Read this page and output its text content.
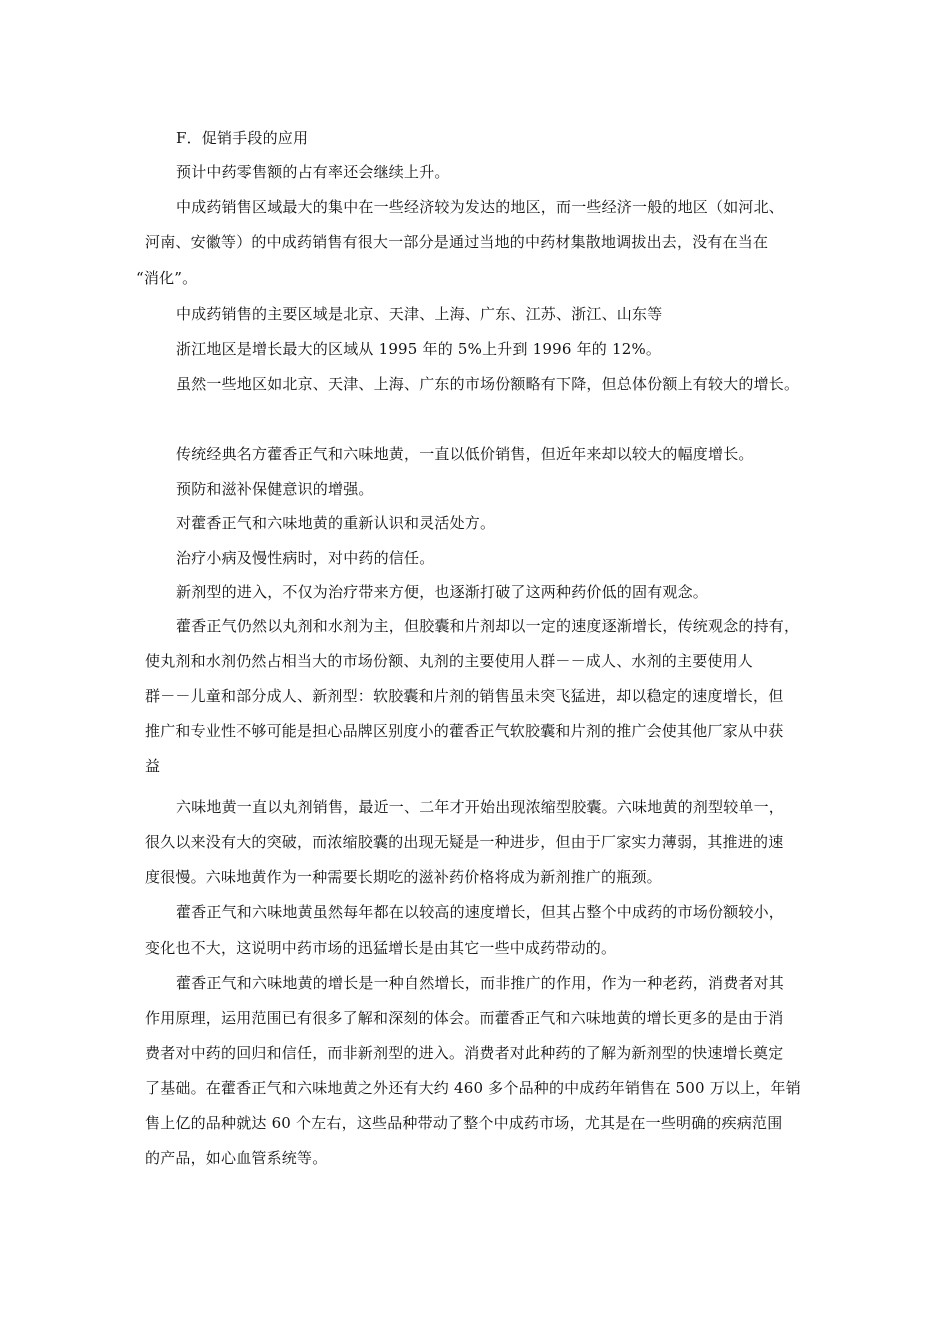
F．促销手段的应用
预计中药零售额的占有率还会继续上升。
中成药销售区域最大的集中在一些经济较为发达的地区，而一些经济一般的地区（如河北、
河南、安徽等）的中成药销售有很大一部分是通过当地的中药材集散地调拔出去，没有在当在
“消化”。
中成药销售的主要区域是北京、天津、上海、广东、江苏、浙江、山东等
浙江地区是增长最大的区域从 1995 年的 5%上升到 1996 年的 12%。
虽然一些地区如北京、天津、上海、广东的市场份额略有下降，但总体份额上有较大的增长。
传统经典名方藿香正气和六味地黄，一直以低价销售，但近年来却以较大的幅度增长。
预防和滋补保健意识的增强。
对藿香正气和六味地黄的重新认识和灵活处方。
治疗小病及慢性病时，对中药的信任。
新剂型的进入，不仅为治疗带来方便，也逐渐打破了这两种药价低的固有观念。
藿香正气仍然以丸剂和水剂为主，但胶囊和片剂却以一定的速度逐渐增长，传统观念的持有，
使丸剂和水剂仍然占相当大的市场份额、丸剂的主要使用人群－－成人、水剂的主要使用人
群－－儿童和部分成人、新剂型：软胶囊和片剂的销售虽未突飞猛进，却以稳定的速度增长，但
推广和专业性不够可能是担心品牌区别度小的藿香正气软胶囊和片剂的推广会使其他厂家从中获
益
六味地黄一直以丸剂销售，最近一、二年才开始出现浓缩型胶囊。六味地黄的剂型较单一，
很久以来没有大的突破，而浓缩胶囊的出现无疑是一种进步，但由于厂家实力薄弱，其推进的速
度很慢。六味地黄作为一种需要长期吃的滋补药价格将成为新剂推广的瓶颈。
藿香正气和六味地黄虽然每年都在以较高的速度增长，但其占整个中成药的市场份额较小，
变化也不大，这说明中药市场的迅猛增长是由其它一些中成药带动的。
藿香正气和六味地黄的增长是一种自然增长，而非推广的作用，作为一种老药，消费者对其
作用原理，运用范围已有很多了解和深刻的体会。而藿香正气和六味地黄的增长更多的是由于消
费者对中药的回归和信任，而非新剂型的进入。消费者对此种药的了解为新剂型的快速增长奠定
了基础。在藿香正气和六味地黄之外还有大约 460 多个品种的中成药年销售在 500 万以上，年销
售上亿的品种就达 60 个左右，这些品种带动了整个中成药市场，尤其是在一些明确的疾病范围
的产品，如心血管系统等。
